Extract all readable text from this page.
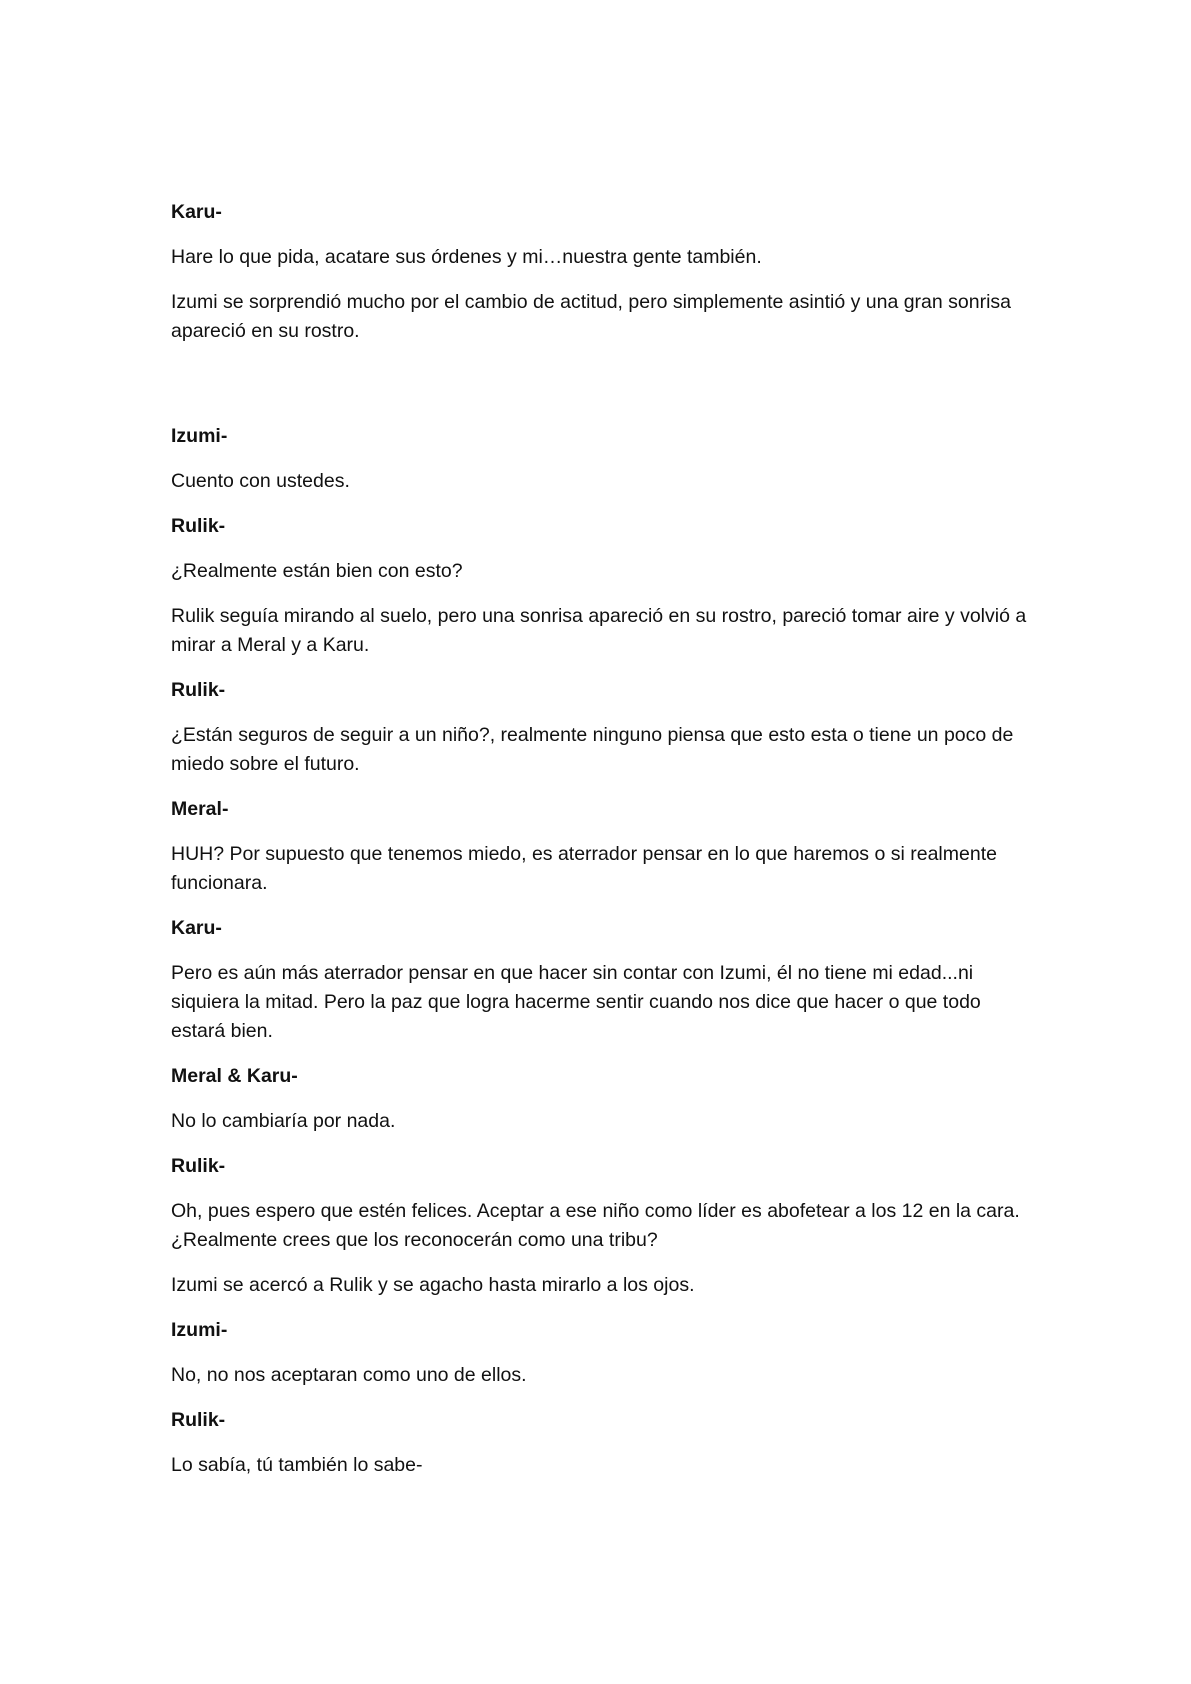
Karu-

Hare lo que pida, acatare sus órdenes y mi…nuestra gente también.

Izumi se sorprendió mucho por el cambio de actitud, pero simplemente asintió y una gran sonrisa apareció en su rostro.

Izumi-

Cuento con ustedes.

Rulik-

¿Realmente están bien con esto?

Rulik seguía mirando al suelo, pero una sonrisa apareció en su rostro, pareció tomar aire y volvió a mirar a Meral y a Karu.

Rulik-

¿Están seguros de seguir a un niño?, realmente ninguno piensa que esto esta o tiene un poco de miedo sobre el futuro.

Meral-

HUH? Por supuesto que tenemos miedo, es aterrador pensar en lo que haremos o si realmente funcionara.

Karu-

Pero es aún más aterrador pensar en que hacer sin contar con Izumi, él no tiene mi edad...ni siquiera la mitad. Pero la paz que logra hacerme sentir cuando nos dice que hacer o que todo estará bien.

Meral & Karu-

No lo cambiaría por nada.

Rulik-

Oh, pues espero que estén felices. Aceptar a ese niño como líder es abofetear a los 12 en la cara. ¿Realmente crees que los reconocerán como una tribu?

Izumi se acercó a Rulik y se agacho hasta mirarlo a los ojos.

Izumi-

No, no nos aceptaran como uno de ellos.

Rulik-

Lo sabía, tú también lo sabe-
